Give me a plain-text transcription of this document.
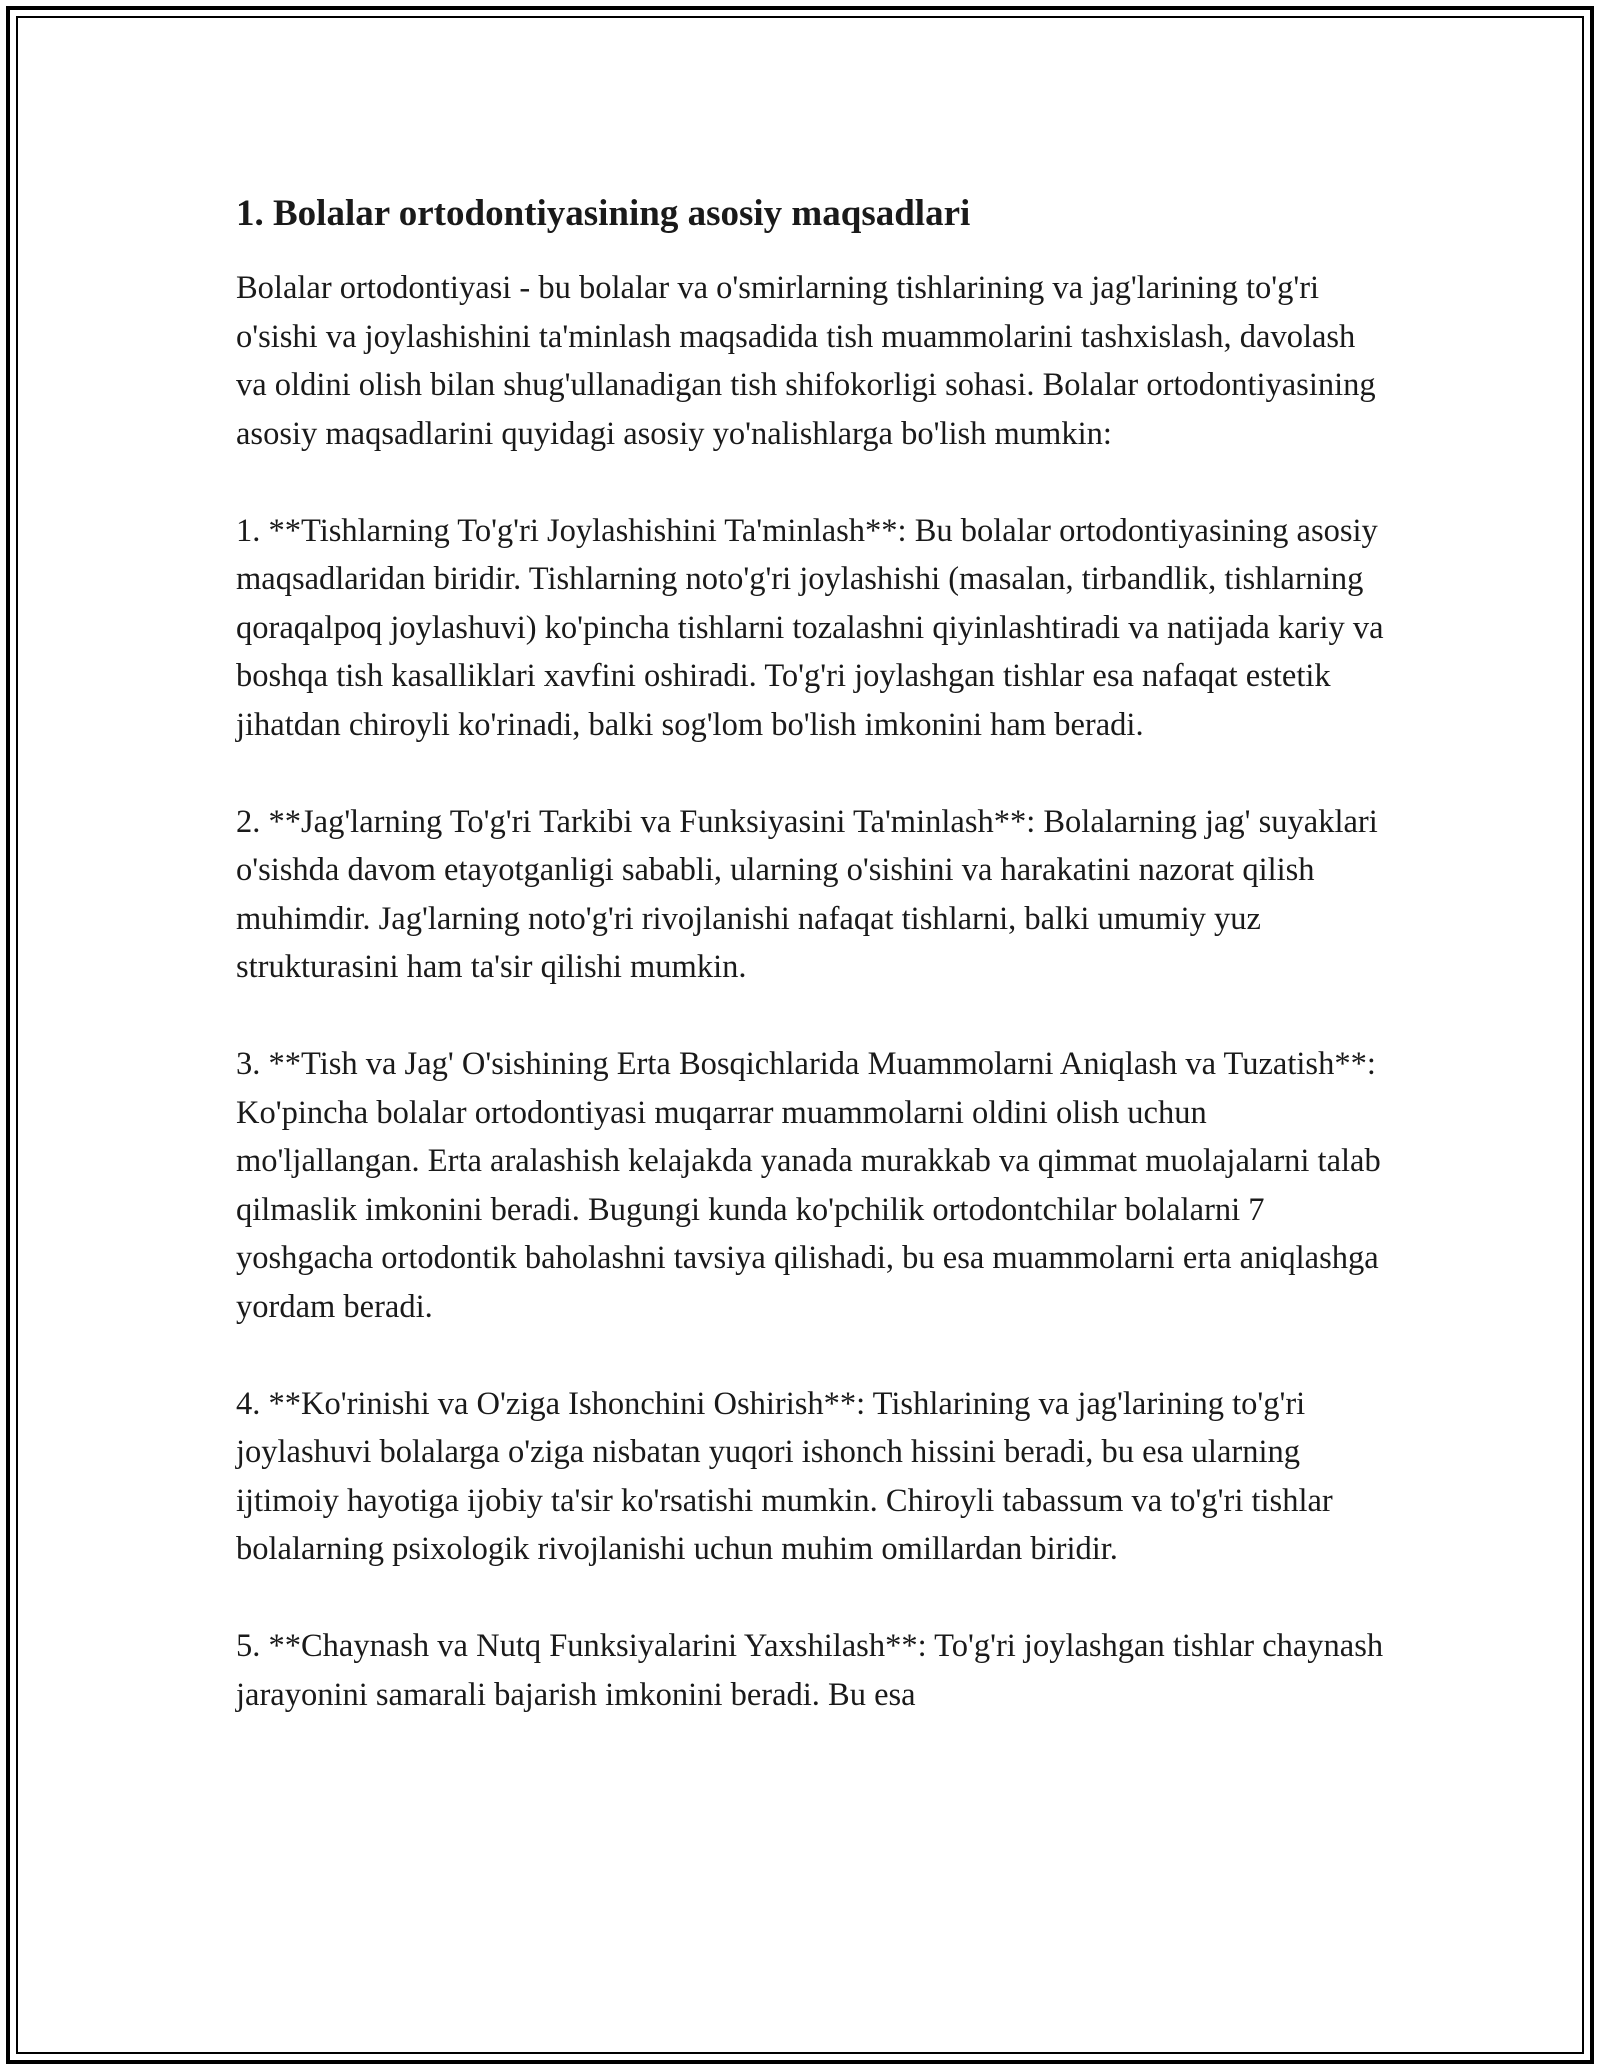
1. Bolalar ortodontiyasining asosiy maqsadlari

Bolalar ortodontiyasi - bu bolalar va o'smirlarning tishlarining va jag'larining to'g'ri o'sishi va joylashishini ta'minlash maqsadida tish muammolarini tashxislash, davolash va oldini olish bilan shug'ullanadigan tish shifokorligi sohasi. Bolalar ortodontiyasining asosiy maqsadlarini quyidagi asosiy yo'nalishlarga bo'lish mumkin:

1. **Tishlarning To'g'ri Joylashishini Ta'minlash**: Bu bolalar ortodontiyasining asosiy maqsadlaridan biridir. Tishlarning noto'g'ri joylashishi (masalan, tirbandlik, tishlarning qoraqalpoq joylashuvi) ko'pincha tishlarni tozalashni qiyinlashtiradi va natijada kariy va boshqa tish kasalliklari xavfini oshiradi. To'g'ri joylashgan tishlar esa nafaqat estetik jihatdan chiroyli ko'rinadi, balki sog'lom bo'lish imkonini ham beradi.

2. **Jag'larning To'g'ri Tarkibi va Funksiyasini Ta'minlash**: Bolalarning jag' suyaklari o'sishda davom etayotganligi sababli, ularning o'sishini va harakatini nazorat qilish muhimdir. Jag'larning noto'g'ri rivojlanishi nafaqat tishlarni, balki umumiy yuz strukturasini ham ta'sir qilishi mumkin.

3. **Tish va Jag' O'sishining Erta Bosqichlarida Muammolarni Aniqlash va Tuzatish**: Ko'pincha bolalar ortodontiyasi muqarrar muammolarni oldini olish uchun mo'ljallangan. Erta aralashish kelajakda yanada murakkab va qimmat muolajalarni talab qilmaslik imkonini beradi. Bugungi kunda ko'pchilik ortodontchilar bolalarni 7 yoshgacha ortodontik baholashni tavsiya qilishadi, bu esa muammolarni erta aniqlashga yordam beradi.

4. **Ko'rinishi va O'ziga Ishonchini Oshirish**: Tishlarining va jag'larining to'g'ri joylashuvi bolalarga o'ziga nisbatan yuqori ishonch hissini beradi, bu esa ularning ijtimoiy hayotiga ijobiy ta'sir ko'rsatishi mumkin. Chiroyli tabassum va to'g'ri tishlar bolalarning psixologik rivojlanishi uchun muhim omillardan biridir.

5. **Chaynash va Nutq Funksiyalarini Yaxshilash**: To'g'ri joylashgan tishlar chaynash jarayonini samarali bajarish imkonini beradi. Bu esa
